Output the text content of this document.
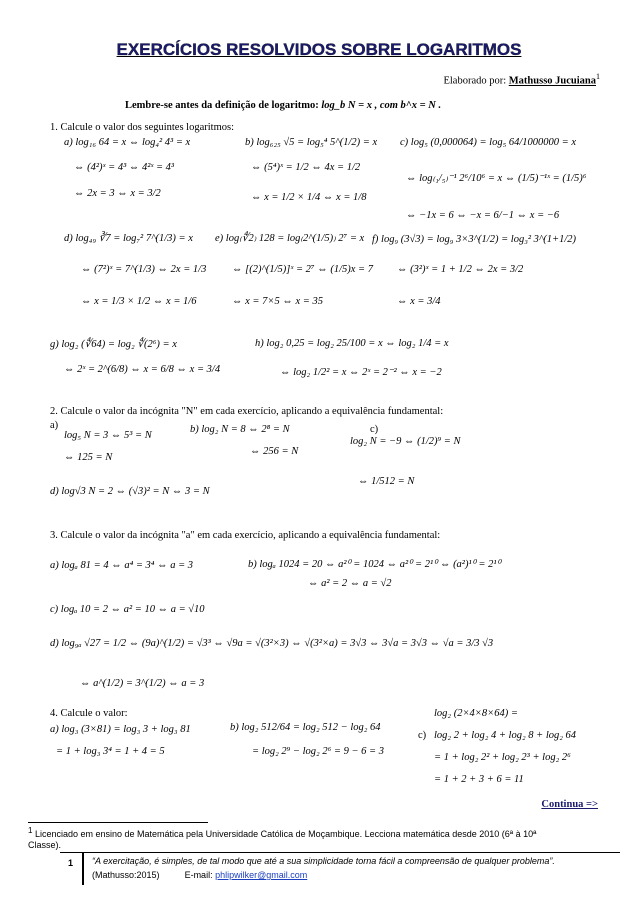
EXERCÍCIOS RESOLVIDOS SOBRE LOGARITMOS
Elaborado por: Mathusso Jucuiana$^1$
Lembre-se antes da definição de logaritmo: log_b N = x , com b^x = N .
1. Calcule o valor dos seguintes logaritmos:
a) log₁₆ 64 = x ⇔ log₄² 4³ = x
⇔ (4²)ˣ = 4³ ⇔ 4²ˣ = 4³
⇔ 2x = 3 ⇔ x = 3/2
b) log₆₂₅ √5 = log₅⁴ 5^(1/2) = x
⇔ (5⁴)ˣ = 1/2 ⇔ 4x = 1/2
⇔ x = 1/2 × 1/4 ⇔ x = 1/8
c) log₅ (0,000064) = log₅ 64/1000000 = x
⇔ log₍₁/₅₎⁻¹ 2⁶/10⁶ = x ⇔ (1/5)⁻¹ˣ = (1/5)⁶
⇔ −1x = 6 ⇔ −x = 6/−1 ⇔ x = −6
d) log₄₉ ∛7 = log₇² 7^(1/3) = x
⇔ (7²)ˣ = 7^(1/3) ⇔ 2x = 1/3
⇔ x = 1/3 × 1/2 ⇔ x = 1/6
e) log₍∜2₎ 128 = log₍2^(1/5)₎ 2⁷ = x
⇔ [(2)^(1/5)]ˣ = 2⁷ ⇔ (1/5)x = 7
⇔ x = 7×5 ⇔ x = 35
f) log₉ (3√3) = log₉ 3×3^(1/2) = log₃² 3^(1+1/2)
⇔ (3²)ˣ = 1 + 1/2 ⇔ 2x = 3/2
⇔ x = 3/4
g) log₂ (∜64) = log₂ ∜(2⁶) = x
⇔ 2ˣ = 2^(6/8) ⇔ x = 6/8 ⇔ x = 3/4
h) log₂ 0,25 = log₂ 25/100 = x ⇔ log₂ 1/4 = x
⇔ log₂ 1/2² = x ⇔ 2ˣ = 2⁻² ⇔ x = −2
2. Calcule o valor da incógnita "N" em cada exercício, aplicando a equivalência fundamental:
a)
log₅ N = 3 ⇔ 5³ = N
⇔ 125 = N
b) log₂ N = 8 ⇔ 2⁸ = N
⇔ 256 = N
c)
log₂ N = −9 ⇔ (1/2)⁹ = N
⇔ 1/512 = N
d) log√3 N = 2 ⇔ (√3)² = N ⇔ 3 = N
3. Calcule o valor da incógnita "a" em cada exercício, aplicando a equivalência fundamental:
a) logₐ 81 = 4 ⇔ a⁴ = 3⁴ ⇔ a = 3	b) logₐ 1024 = 20 ⇔ a²⁰ = 1024 ⇔ a²⁰ = 2¹⁰ ⇔ (a²)¹⁰ = 2¹⁰
⇔ a² = 2 ⇔ a = √2
c) logₐ 10 = 2 ⇔ a² = 10 ⇔ a = √10
d) log₉ₐ √27 = 1/2 ⇔ (9a)^(1/2) = √3³ ⇔ √9a = √(3²×3) ⇔ √(3²×a) = 3√3 ⇔ 3√a = 3√3 ⇔ √a = 3/3 √3
⇔ a^(1/2) = 3^(1/2) ⇔ a = 3
4. Calcule o valor:
a) log₃ (3×81) = log₃ 3 + log₃ 81
= 1 + log₃ 3⁴ = 1 + 4 = 5
b) log₂ 512/64 = log₂ 512 − log₂ 64
= log₂ 2⁹ − log₂ 2⁶ = 9 − 6 = 3
c)
log₂ (2×4×8×64) =
log₂ 2 + log₂ 4 + log₂ 8 + log₂ 64
= 1 + log₂ 2² + log₂ 2³ + log₂ 2⁶
= 1 + 2 + 3 + 6 = 11
Continua =>
$^1$ Licenciado em ensino de Matemática pela Universidade Católica de Moçambique. Lecciona matemática desde 2010 (6ª à 10ª
Classe).
1 “A exercitação, é simples, de tal modo que até a sua simplicidade torna fácil a compreensão de qualquer problema”.
(Mathusso:2015)	E-mail: phlipwilker@gmail.com
